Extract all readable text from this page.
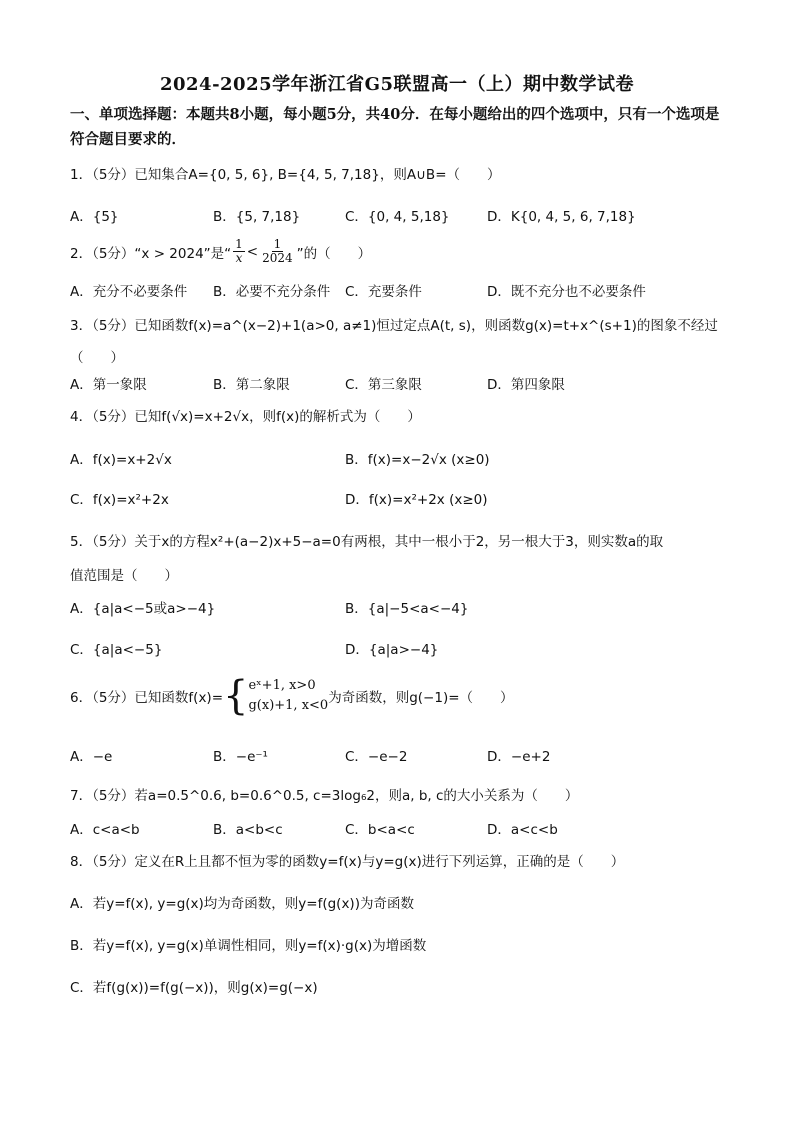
2024-2025学年浙江省G5联盟高一（上）期中数学试卷
一、单项选择题：本题共8小题，每小题5分，共40分．在每小题给出的四个选项中，只有一个选项是符合题目要求的．
1．（5分）已知集合A={0, 5, 6}, B={4, 5, 7,18}，则A∪B=（　　）
A．{5}	B．{5, 7,18}	C．{0, 4, 5,18}	D．K{0, 4, 5, 6, 7,18}
2．（5分）“x > 2024”是“ $\frac{1}{x} < \frac{1}{2024}$ ”的（　　）
A．充分不必要条件 B．必要不充分条件 C．充要条件	D．既不充分也不必要条件
3．（5分）已知函数f(x)=a^(x−2)+1(a>0, a≠1)恒过定点A(t, s)，则函数g(x)=t+x^(s+1)的图象不经过
（　　）
A．第一象限	B．第二象限	C．第三象限	D．第四象限
4．（5分）已知f(√x)=x+2√x，则f(x)的解析式为（　　）
A．f(x)=x+2√x	B．f(x)=x−2√x (x≥0)
C．f(x)=x²+2x	D．f(x)=x²+2x (x≥0)
5．（5分）关于x的方程x²+(a−2)x+5−a=0有两根，其中一根小于2，另一根大于3，则实数a的取
值范围是（　　）
A．{a|a<−5或a>−4}	B．{a|−5<a<−4}
C．{a|a<−5}	D．{a|a>−4}
6．（5分）已知函数f(x)= { eˣ+1, x>0
g(x)+1, x<0 为奇函数，则g(−1)=（　　）
A．−e	B．−e⁻¹	C．−e−2	D．−e+2
7．（5分）若a=0.5^0.6, b=0.6^0.5, c=3log₆2，则a, b, c的大小关系为（　　）
A．c<a<b	B．a<b<c	C．b<a<c	D．a<c<b
8．（5分）定义在R上且都不恒为零的函数y=f(x)与y=g(x)进行下列运算，正确的是（　　）
A．若y=f(x), y=g(x)均为奇函数，则y=f(g(x))为奇函数
B．若y=f(x), y=g(x)单调性相同，则y=f(x)·g(x)为增函数
C．若f(g(x))=f(g(−x))，则g(x)=g(−x)
